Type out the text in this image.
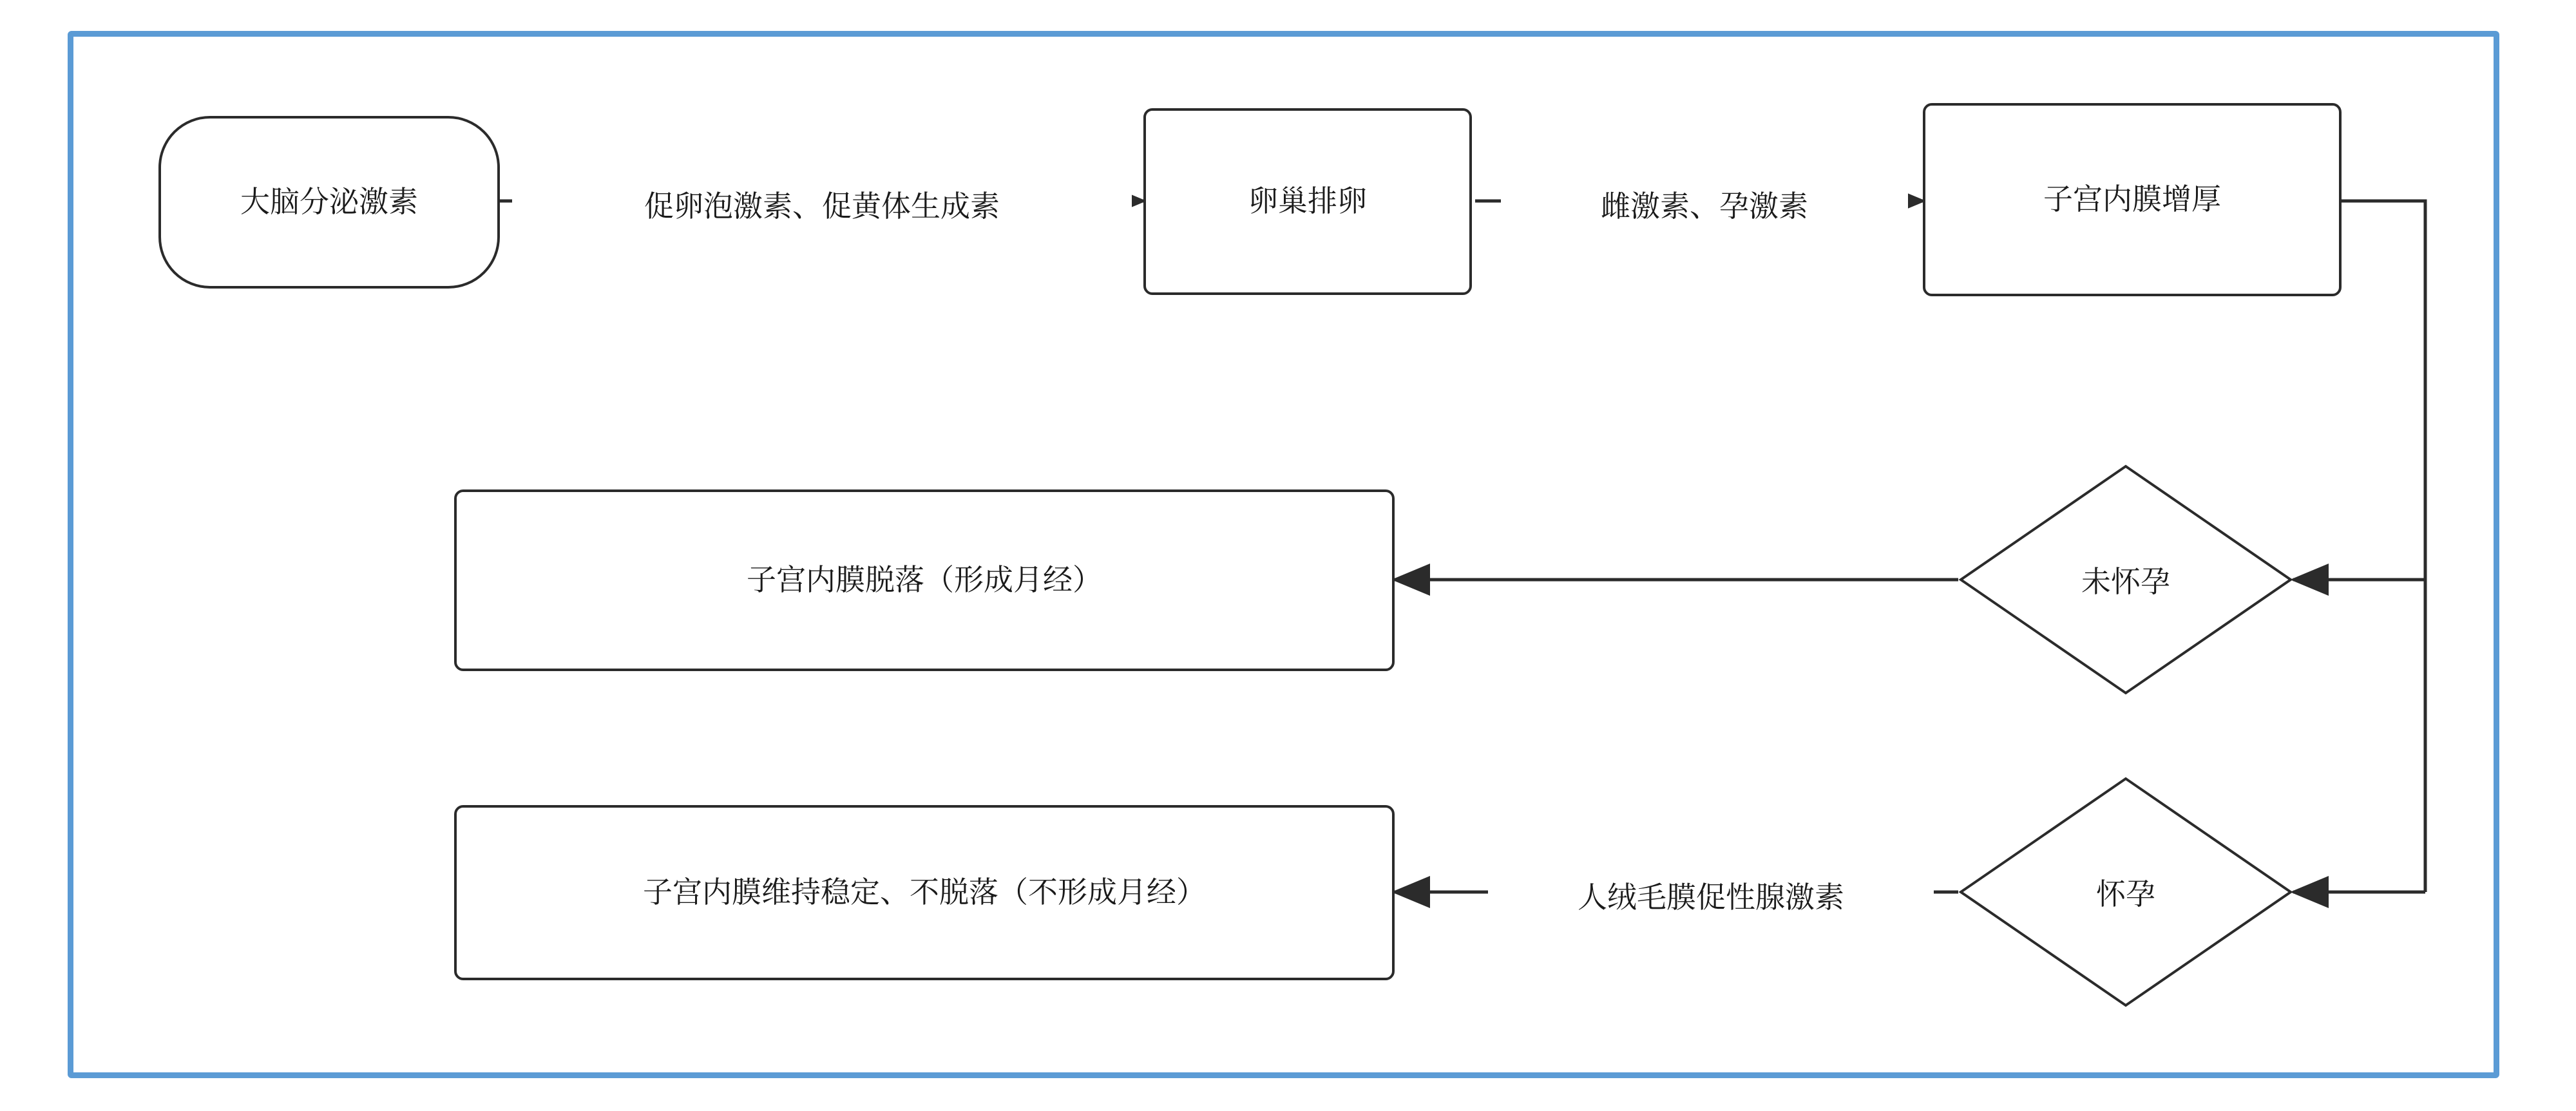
大脑分泌激素	卵巢排卵	子宫内膜增厚
子宫内膜脱落（形成月经）
子宫内膜维持稳定、不脱落（不形成月经）
未怀孕
怀孕
促卵泡激素、促黄体生成素	雌激素、孕激素
人绒毛膜促性腺激素
